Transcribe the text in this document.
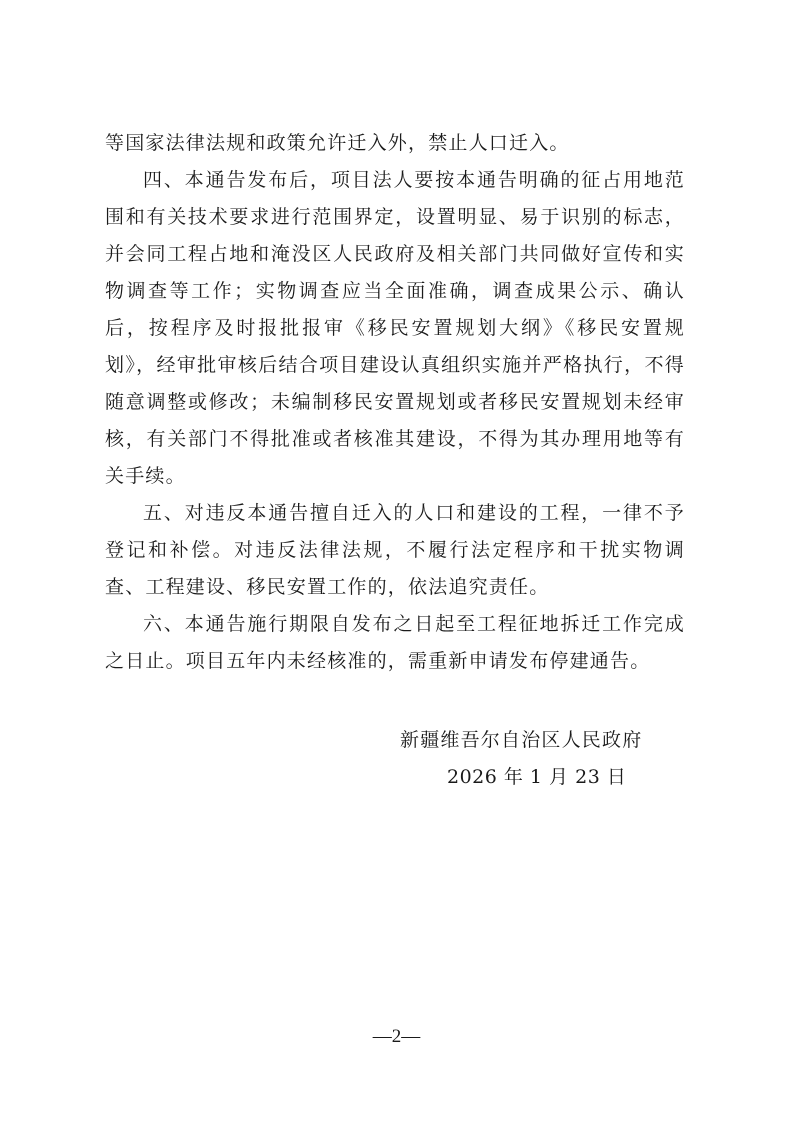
等国家法律法规和政策允许迁入外，禁止人口迁入。

四、本通告发布后，项目法人要按本通告明确的征占用地范围和有关技术要求进行范围界定，设置明显、易于识别的标志，并会同工程占地和淹没区人民政府及相关部门共同做好宣传和实物调查等工作；实物调查应当全面准确，调查成果公示、确认后，按程序及时报批报审《移民安置规划大纲》《移民安置规划》，经审批审核后结合项目建设认真组织实施并严格执行，不得随意调整或修改；未编制移民安置规划或者移民安置规划未经审核，有关部门不得批准或者核准其建设，不得为其办理用地等有关手续。

五、对违反本通告擅自迁入的人口和建设的工程，一律不予登记和补偿。对违反法律法规，不履行法定程序和干扰实物调查、工程建设、移民安置工作的，依法追究责任。

六、本通告施行期限自发布之日起至工程征地拆迁工作完成之日止。项目五年内未经核准的，需重新申请发布停建通告。

新疆维吾尔自治区人民政府
2026 年 1 月 23 日
—2—
